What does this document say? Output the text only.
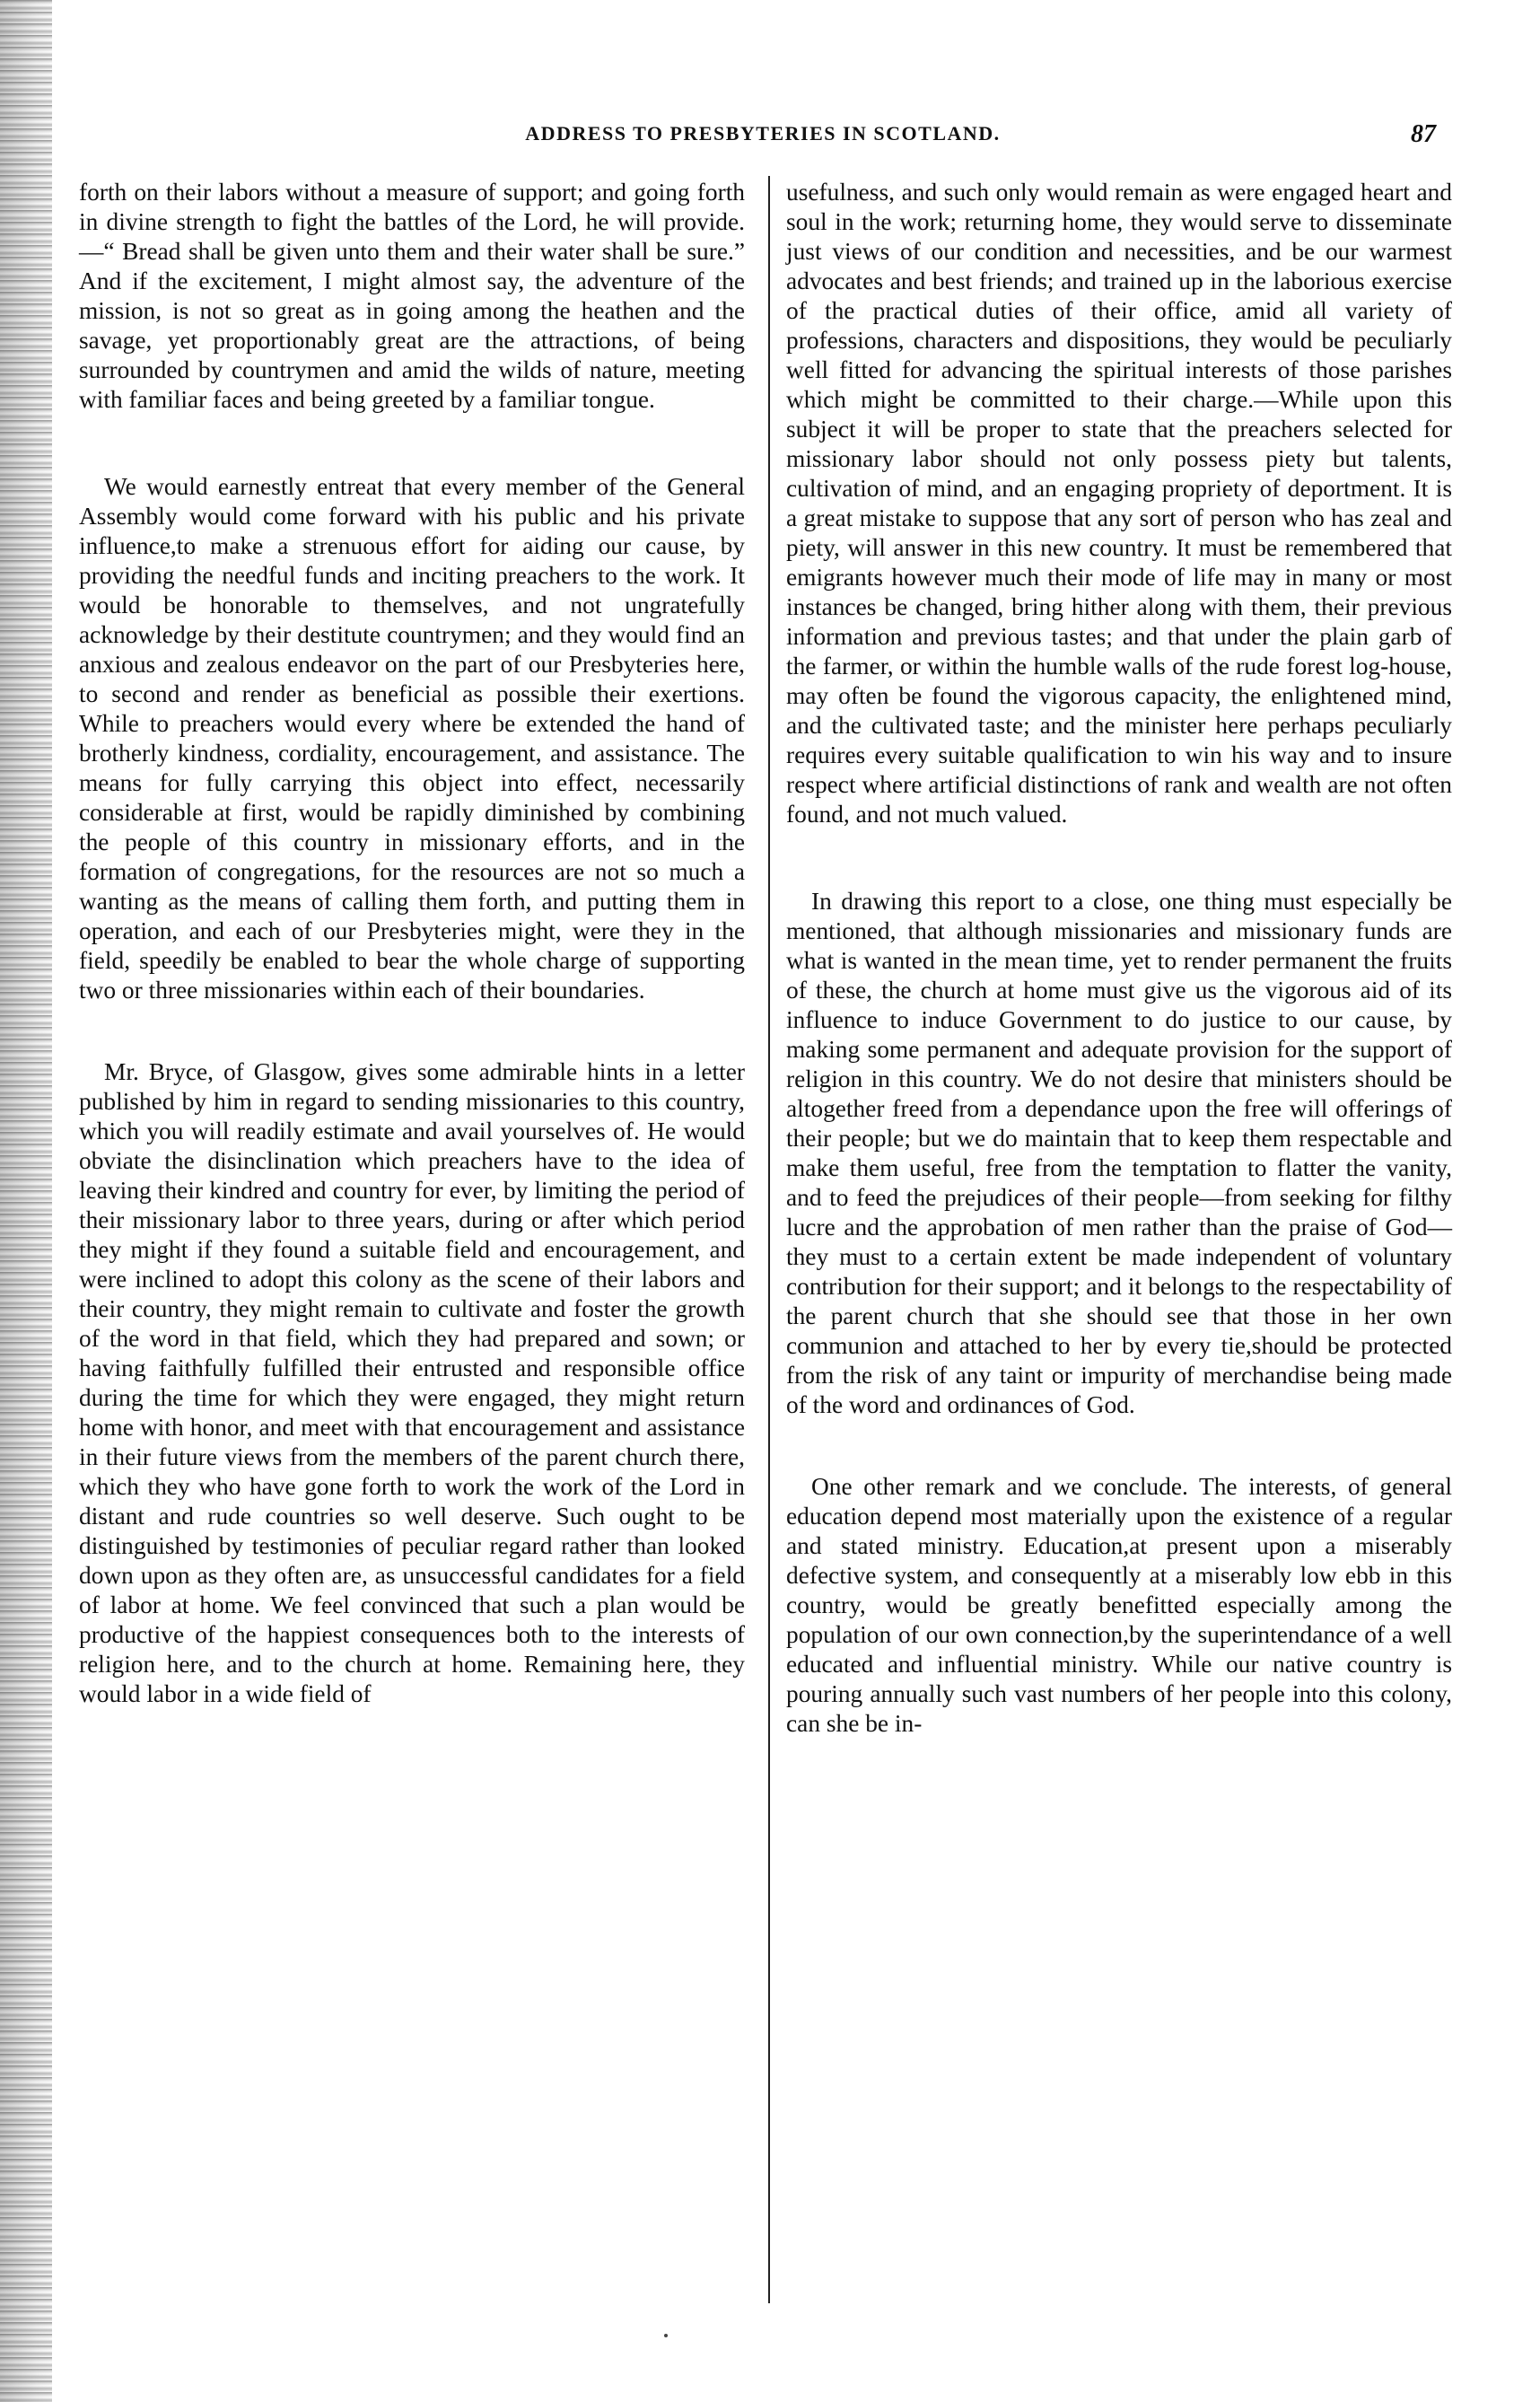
ADDRESS TO PRESBYTERIES IN SCOTLAND.	87

forth on their labors without a measure of support; and going forth in divine strength to fight the battles of the Lord, he will provide.—“ Bread shall be given unto them and their water shall be sure.” And if the excitement, I might almost say, the adventure of the mission, is not so great as in going among the heathen and the savage, yet proportionably great are the attractions, of being surrounded by countrymen and amid the wilds of nature, meeting with familiar faces and being greeted by a familiar tongue.

We would earnestly entreat that every member of the General Assembly would come forward with his public and his private influence,to make a strenuous effort for aiding our cause, by providing the needful funds and inciting preachers to the work. It would be honorable to themselves, and not ungratefully acknowledge by their destitute countrymen; and they would find an anxious and zealous endeavor on the part of our Presbyteries here, to second and render as beneficial as possible their exertions. While to preachers would every where be extended the hand of brotherly kindness, cordiality, encouragement, and assistance. The means for fully carrying this object into effect, necessarily considerable at first, would be rapidly diminished by combining the people of this country in missionary efforts, and in the formation of congregations, for the resources are not so much a wanting as the means of calling them forth, and putting them in operation, and each of our Presbyteries might, were they in the field, speedily be enabled to bear the whole charge of supporting two or three missionaries within each of their boundaries.

Mr. Bryce, of Glasgow, gives some admirable hints in a letter published by him in regard to sending missionaries to this country, which you will readily estimate and avail yourselves of. He would obviate the disinclination which preachers have to the idea of leaving their kindred and country for ever, by limiting the period of their missionary labor to three years, during or after which period they might if they found a suitable field and encouragement, and were inclined to adopt this colony as the scene of their labors and their country, they might remain to cultivate and foster the growth of the word in that field, which they had prepared and sown; or having faithfully fulfilled their entrusted and responsible office during the time for which they were engaged, they might return home with honor, and meet with that encouragement and assistance in their future views from the members of the parent church there, which they who have gone forth to work the work of the Lord in distant and rude countries so well deserve. Such ought to be distinguished by testimonies of peculiar regard rather than looked down upon as they often are, as unsuccessful candidates for a field of labor at home. We feel convinced that such a plan would be productive of the happiest consequences both to the interests of religion here, and to the church at home. Remaining here, they would labor in a wide field of

usefulness, and such only would remain as were engaged heart and soul in the work; returning home, they would serve to disseminate just views of our condition and necessities, and be our warmest advocates and best friends; and trained up in the laborious exercise of the practical duties of their office, amid all variety of professions, characters and dispositions, they would be peculiarly well fitted for advancing the spiritual interests of those parishes which might be committed to their charge.—While upon this subject it will be proper to state that the preachers selected for missionary labor should not only possess piety but talents, cultivation of mind, and an engaging propriety of deportment. It is a great mistake to suppose that any sort of person who has zeal and piety, will answer in this new country. It must be remembered that emigrants however much their mode of life may in many or most instances be changed, bring hither along with them, their previous information and previous tastes; and that under the plain garb of the farmer, or within the humble walls of the rude forest log-house, may often be found the vigorous capacity, the enlightened mind, and the cultivated taste; and the minister here perhaps peculiarly requires every suitable qualification to win his way and to insure respect where artificial distinctions of rank and wealth are not often found, and not much valued.

In drawing this report to a close, one thing must especially be mentioned, that although missionaries and missionary funds are what is wanted in the mean time, yet to render permanent the fruits of these, the church at home must give us the vigorous aid of its influence to induce Government to do justice to our cause, by making some permanent and adequate provision for the support of religion in this country. We do not desire that ministers should be altogether freed from a dependance upon the free will offerings of their people; but we do maintain that to keep them respectable and make them useful, free from the temptation to flatter the vanity, and to feed the prejudices of their people—from seeking for filthy lucre and the approbation of men rather than the praise of God—they must to a certain extent be made independent of voluntary contribution for their support; and it belongs to the respectability of the parent church that she should see that those in her own communion and attached to her by every tie,should be protected from the risk of any taint or impurity of merchandise being made of the word and ordinances of God.

One other remark and we conclude. The interests, of general education depend most materially upon the existence of a regular and stated ministry. Education,at present upon a miserably defective system, and consequently at a miserably low ebb in this country, would be greatly benefitted especially among the population of our own connection,by the superintendance of a well educated and influential ministry. While our native country is pouring annually such vast numbers of her people into this colony, can she be in-
